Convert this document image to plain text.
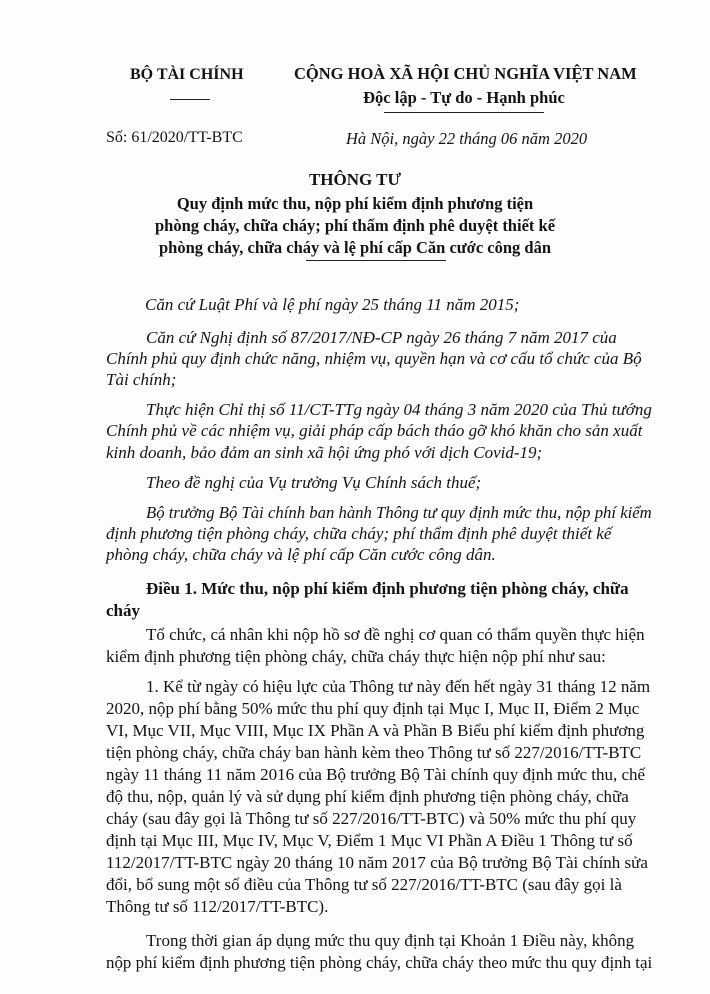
BỘ TÀI CHÍNH	CỘNG HOÀ XÃ HỘI CHỦ NGHĨA VIỆT NAM
Độc lập - Tự do - Hạnh phúc
Số: 61/2020/TT-BTC	Hà Nội, ngày 22 tháng 06 năm 2020
THÔNG TƯ
Quy định mức thu, nộp phí kiểm định phương tiện
phòng cháy, chữa cháy; phí thẩm định phê duyệt thiết kế
phòng cháy, chữa cháy và lệ phí cấp Căn cước công dân
Căn cứ Luật Phí và lệ phí ngày 25 tháng 11 năm 2015;
Căn cứ Nghị định số 87/2017/NĐ-CP ngày 26 tháng 7 năm 2017 của
Chính phủ quy định chức năng, nhiệm vụ, quyền hạn và cơ cấu tổ chức của Bộ
Tài chính;
Thực hiện Chỉ thị số 11/CT-TTg ngày 04 tháng 3 năm 2020 của Thủ tướng
Chính phủ về các nhiệm vụ, giải pháp cấp bách tháo gỡ khó khăn cho sản xuất
kinh doanh, bảo đảm an sinh xã hội ứng phó với dịch Covid-19;
Theo đề nghị của Vụ trưởng Vụ Chính sách thuế;
Bộ trưởng Bộ Tài chính ban hành Thông tư quy định mức thu, nộp phí kiểm
định phương tiện phòng cháy, chữa cháy; phí thẩm định phê duyệt thiết kế
phòng cháy, chữa cháy và lệ phí cấp Căn cước công dân.
Điều 1. Mức thu, nộp phí kiểm định phương tiện phòng cháy, chữa
cháy
Tổ chức, cá nhân khi nộp hồ sơ đề nghị cơ quan có thẩm quyền thực hiện
kiểm định phương tiện phòng cháy, chữa cháy thực hiện nộp phí như sau:
1. Kể từ ngày có hiệu lực của Thông tư này đến hết ngày 31 tháng 12 năm
2020, nộp phí bằng 50% mức thu phí quy định tại Mục I, Mục II, Điểm 2 Mục
VI, Mục VII, Mục VIII, Mục IX Phần A và Phần B Biểu phí kiểm định phương
tiện phòng cháy, chữa cháy ban hành kèm theo Thông tư số 227/2016/TT-BTC
ngày 11 tháng 11 năm 2016 của Bộ trưởng Bộ Tài chính quy định mức thu, chế
độ thu, nộp, quản lý và sử dụng phí kiểm định phương tiện phòng cháy, chữa
cháy (sau đây gọi là Thông tư số 227/2016/TT-BTC) và 50% mức thu phí quy
định tại Mục III, Mục IV, Mục V, Điểm 1 Mục VI Phần A Điều 1 Thông tư số
112/2017/TT-BTC ngày 20 tháng 10 năm 2017 của Bộ trưởng Bộ Tài chính sửa
đổi, bổ sung một số điều của Thông tư số 227/2016/TT-BTC (sau đây gọi là
Thông tư số 112/2017/TT-BTC).
Trong thời gian áp dụng mức thu quy định tại Khoản 1 Điều này, không
nộp phí kiểm định phương tiện phòng cháy, chữa cháy theo mức thu quy định tại
